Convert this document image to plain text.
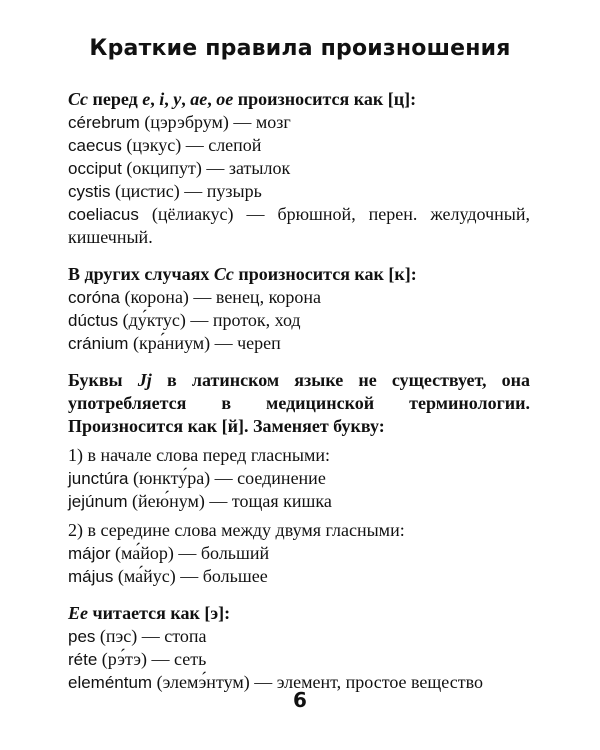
Краткие правила произношения

Cc перед e, i, y, ae, oe произносится как [ц]:

cérebrum (цэрэбрум) — мозг

caecus (цэкус) — слепой

occiput (окципут) — затылок

cystis (цистис) — пузырь

coeliacus (цёлиакус) — брюшной, перен. желудочный, кишечный.

В других случаях Cc произносится как [к]:

coróna (корона) — венец, корона

dúctus (ду́ктус) — проток, ход

cránium (кра́ниум) — череп

Буквы Jj в латинском языке не существует, она употребляется в медицинской терминологии. Произносится как [й]. Заменяет букву:

1) в начале слова перед гласными:

junctúra (юнкту́ра) — соединение

jejúnum (йею́нум) — тощая кишка

2) в середине слова между двумя гласными:

májor (ма́йор) — больший

május (ма́йус) — большее

Ee читается как [э]:

pes (пэс) — стопа

réte (рэ́тэ) — сеть

eleméntum (элемэ́нтум) — элемент, простое вещество

6
